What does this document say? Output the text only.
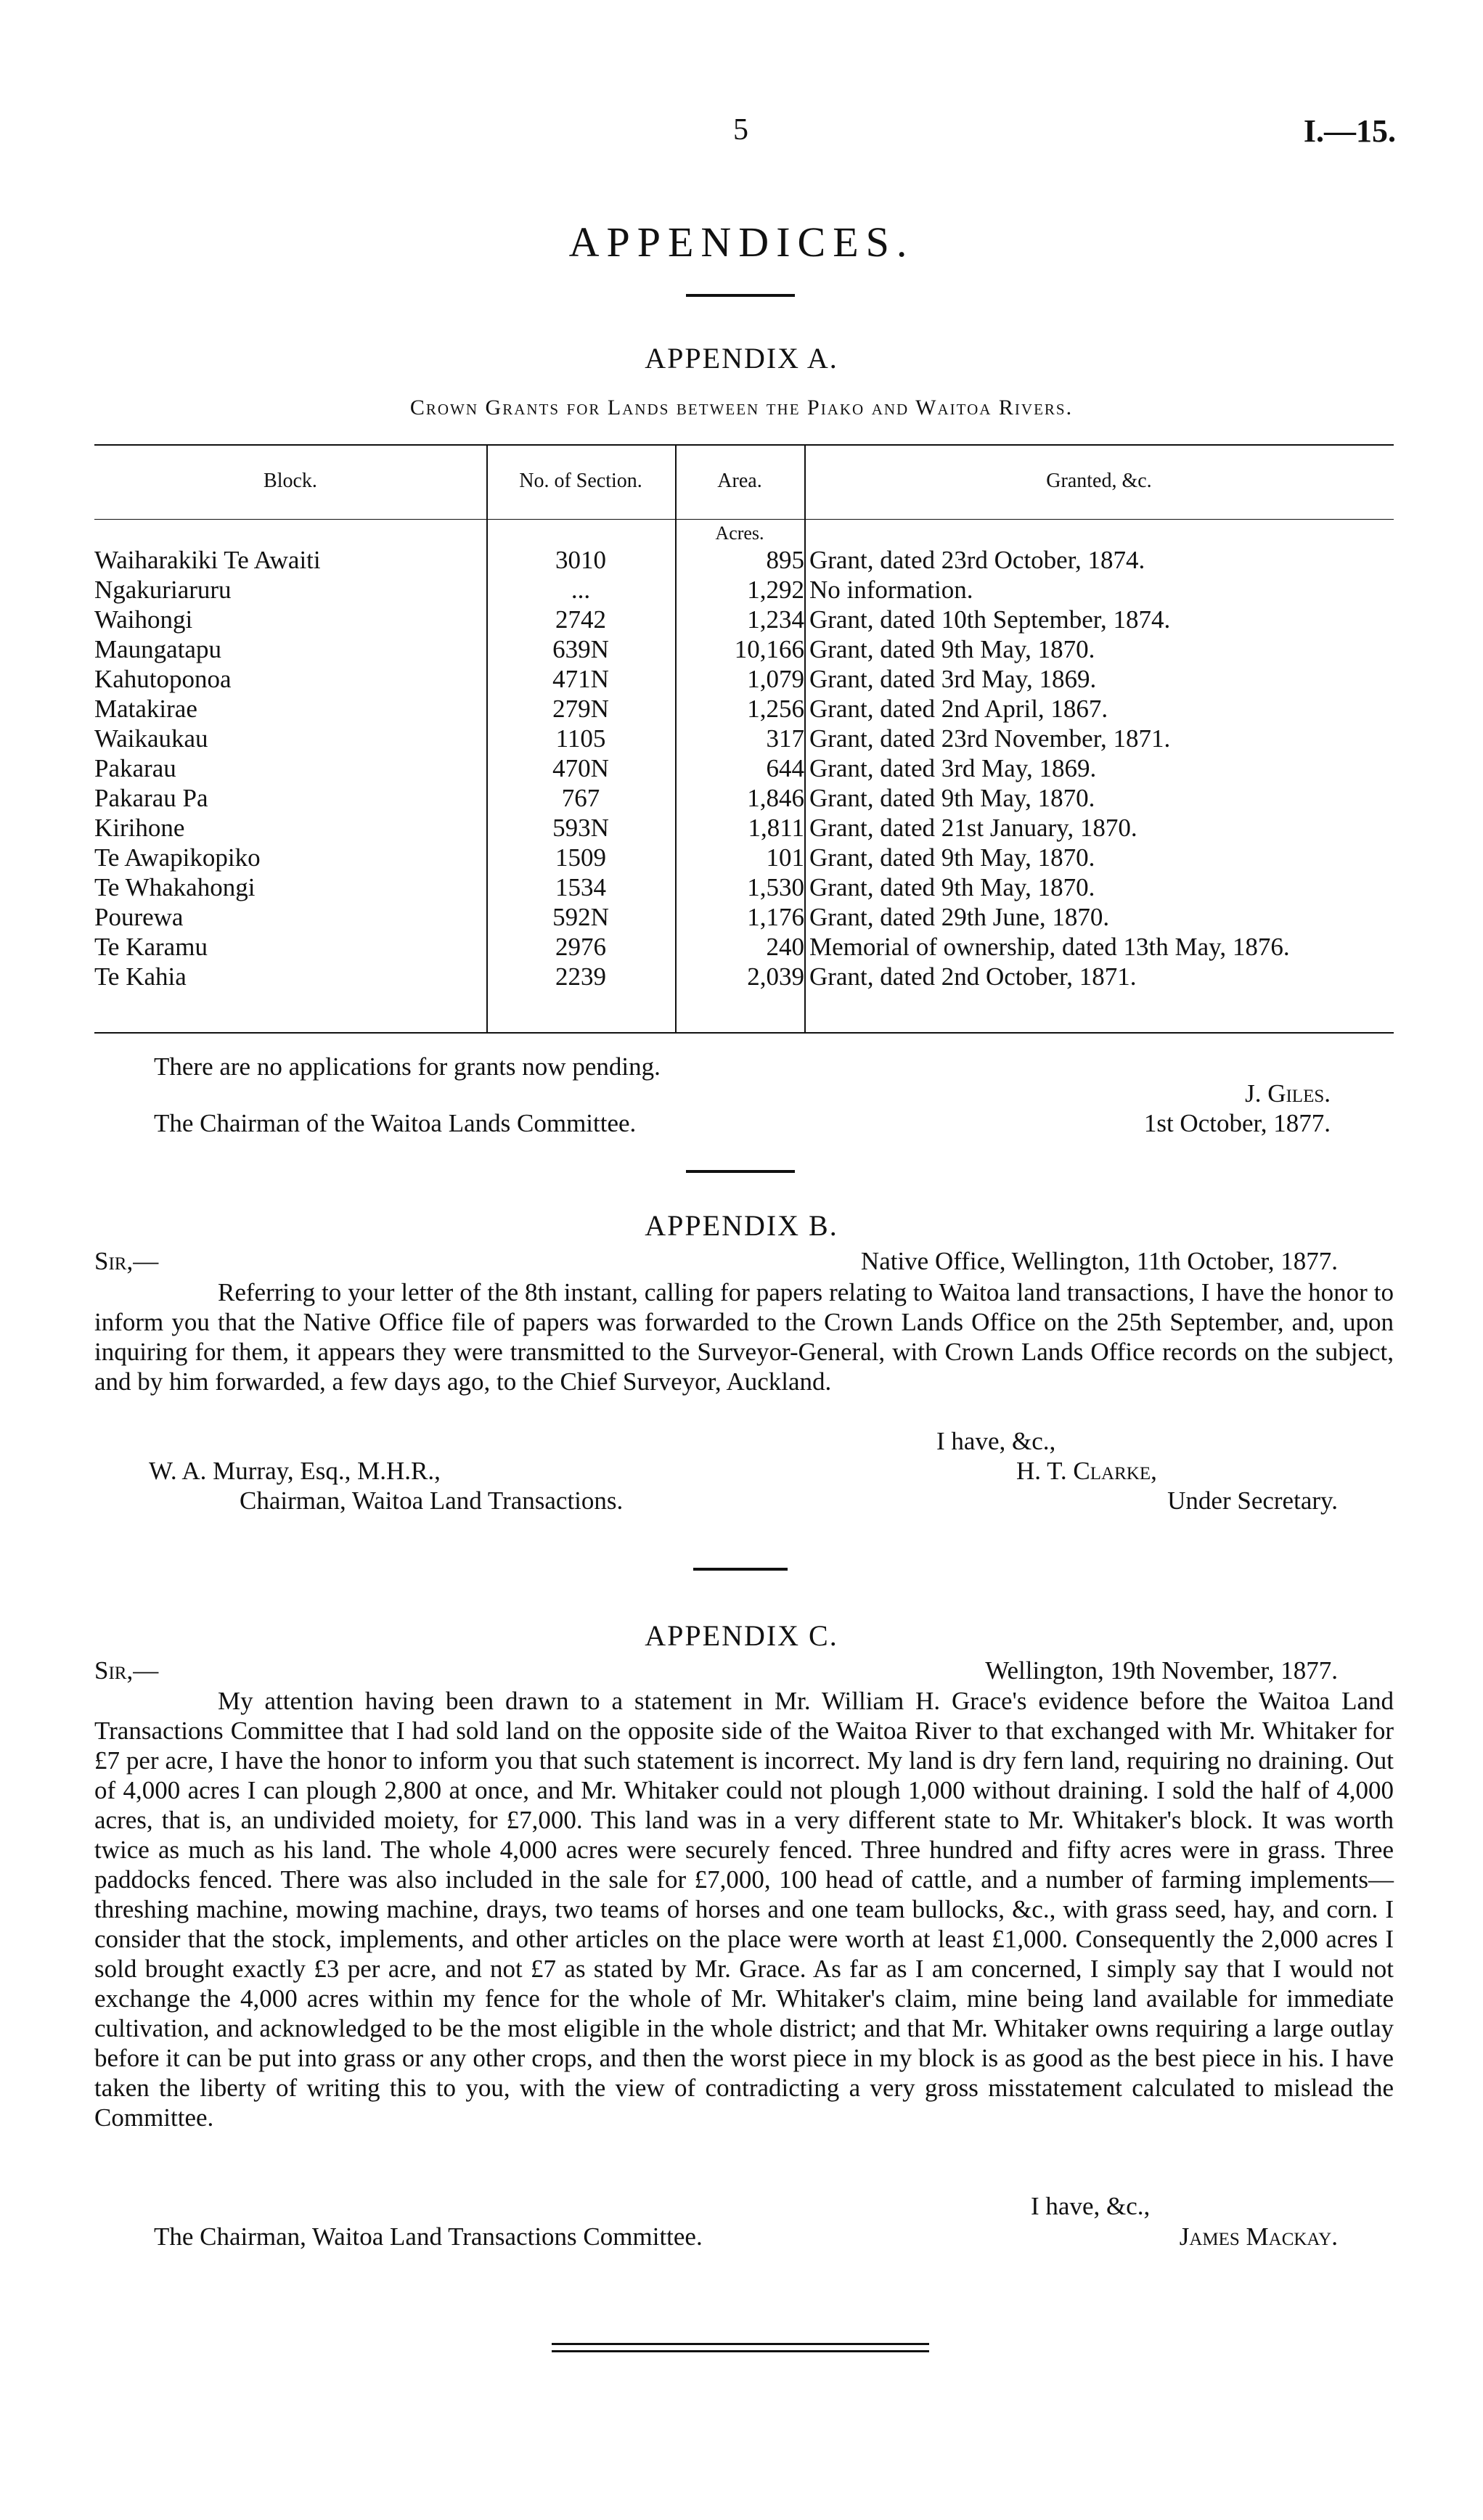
5	I.—15.
APPENDICES.
APPENDIX A.
Crown Grants for Lands between the Piako and Waitoa Rivers.
Block.	No. of Section.	Area.	Granted, &c.
Acres.
Waiharakiki Te Awaiti	3010	895 Grant, dated 23rd October, 1874.
Ngakuriaruru	...	1,292 No information.
Waihongi	2742	1,234 Grant, dated 10th September, 1874.
Maungatapu	639N	10,166 Grant, dated 9th May, 1870.
Kahutoponoa	471N	1,079 Grant, dated 3rd May, 1869.
Matakirae	279N	1,256 Grant, dated 2nd April, 1867.
Waikaukau	1105	317 Grant, dated 23rd November, 1871.
Pakarau	470N	644 Grant, dated 3rd May, 1869.
Pakarau Pa	767	1,846 Grant, dated 9th May, 1870.
Kirihone	593N	1,811 Grant, dated 21st January, 1870.
Te Awapikopiko	1509	101 Grant, dated 9th May, 1870.
Te Whakahongi	1534	1,530 Grant, dated 9th May, 1870.
Pourewa	592N	1,176 Grant, dated 29th June, 1870.
Te Karamu	2976	240 Memorial of ownership, dated 13th May, 1876.
Te Kahia	2239	2,039 Grant, dated 2nd October, 1871.
There are no applications for grants now pending.
J. Giles.
The Chairman of the Waitoa Lands Committee.	1st October, 1877.
APPENDIX B.
Sir,—	Native Office, Wellington, 11th October, 1877.
Referring to your letter of the 8th instant, calling for papers relating to Waitoa land transactions, I have the honor to inform you that the Native Office file of papers was forwarded to the Crown Lands Office on the 25th September, and, upon inquiring for them, it appears they were transmitted to the Surveyor-General, with Crown Lands Office records on the subject, and by him forwarded, a few days ago, to the Chief Surveyor, Auckland.
I have, &c.,
W. A. Murray, Esq., M.H.R.,	H. T. Clarke,
Chairman, Waitoa Land Transactions.	Under Secretary.
APPENDIX C.
Sir,—	Wellington, 19th November, 1877.
My attention having been drawn to a statement in Mr. William H. Grace's evidence before the Waitoa Land Transactions Committee that I had sold land on the opposite side of the Waitoa River to that exchanged with Mr. Whitaker for £7 per acre, I have the honor to inform you that such statement is incorrect. My land is dry fern land, requiring no draining. Out of 4,000 acres I can plough 2,800 at once, and Mr. Whitaker could not plough 1,000 without draining. I sold the half of 4,000 acres, that is, an undivided moiety, for £7,000. This land was in a very different state to Mr. Whitaker's block. It was worth twice as much as his land. The whole 4,000 acres were securely fenced. Three hundred and fifty acres were in grass. Three paddocks fenced. There was also included in the sale for £7,000, 100 head of cattle, and a number of farming implements—threshing machine, mowing machine, drays, two teams of horses and one team bullocks, &c., with grass seed, hay, and corn. I consider that the stock, implements, and other articles on the place were worth at least £1,000. Consequently the 2,000 acres I sold brought exactly £3 per acre, and not £7 as stated by Mr. Grace. As far as I am concerned, I simply say that I would not exchange the 4,000 acres within my fence for the whole of Mr. Whitaker's claim, mine being land available for immediate cultivation, and acknowledged to be the most eligible in the whole district; and that Mr. Whitaker owns requiring a large outlay before it can be put into grass or any other crops, and then the worst piece in my block is as good as the best piece in his. I have taken the liberty of writing this to you, with the view of contradicting a very gross misstatement calculated to mislead the Committee.
I have, &c.,
The Chairman, Waitoa Land Transactions Committee.	James Mackay.
